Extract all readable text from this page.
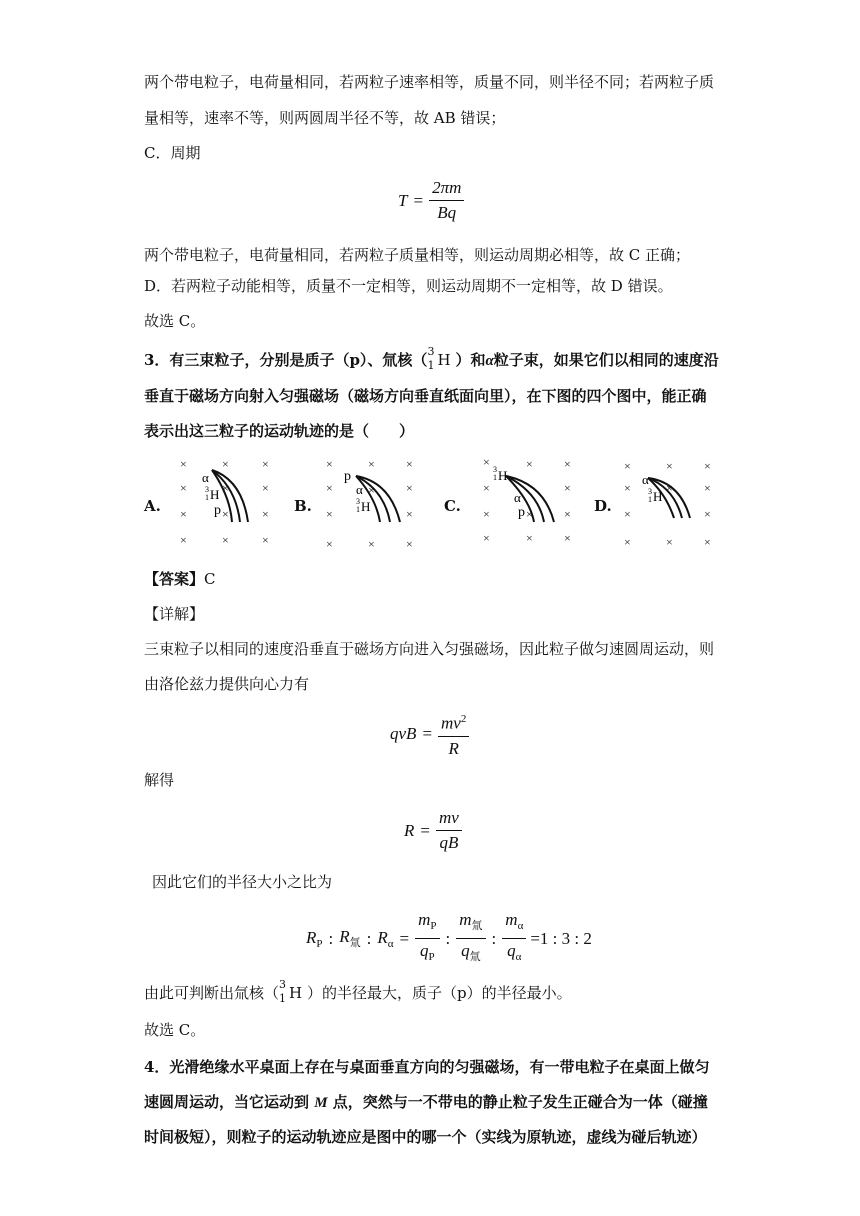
两个带电粒子，电荷量相同，若两粒子速率相等，质量不同，则半径不同；若两粒子质
量相等，速率不等，则两圆周半径不等，故 AB 错误；
C．周期
$T = \frac{2\pi m}{Bq}$
两个带电粒子，电荷量相同，若两粒子质量相等，则运动周期必相等，故 C 正确；
D．若两粒子动能相等，质量不一定相等，则运动周期不一定相等，故 D 错误。
故选 C。
3．有三束粒子，分别是质子（p）、氚核（ 3
1 H ）和α粒子束，如果它们以相同的速度沿
垂直于磁场方向射入匀强磁场（磁场方向垂直纸面向里），在下图的四个图中，能正确
表示出这三粒子的运动轨迹的是（　　）
A.	B.	C.	D.
×	×	×
×	×
×	×
×	×	×
α
3
1 H
p
×
×
×	×	×
×	×
×	×
×	×	×
p
α ×
3
1 H
×	×	×
×	×
×	×
×	×	×
3
1 H
α
p ×
×	×	×
×	×
×	×
×	×	×
α
3
1 H
×
【答案】C
【详解】
三束粒子以相同的速度沿垂直于磁场方向进入匀强磁场，因此粒子做匀速圆周运动，则
由洛伦兹力提供向心力有
qvB = $\frac{mv^2}{R}$
解得
$R = \frac{mv}{qB}$
因此它们的半径大小之比为
$R_P$ : $R_氚$ : $R_\alpha = \frac{m_P}{q_P}$ : $\frac{m_氚}{q_氚}$ : $\frac{m_\alpha}{q_\alpha} =1$ : 3 : 2
由此可判断出氚核（ 3
1 H ）的半径最大，质子（p）的半径最小。
故选 C。
4．光滑绝缘水平桌面上存在与桌面垂直方向的匀强磁场，有一带电粒子在桌面上做匀
速圆周运动，当它运动到 M 点，突然与一不带电的静止粒子发生正碰合为一体（碰撞
时间极短），则粒子的运动轨迹应是图中的哪一个（实线为原轨迹，虚线为碰后轨迹）
